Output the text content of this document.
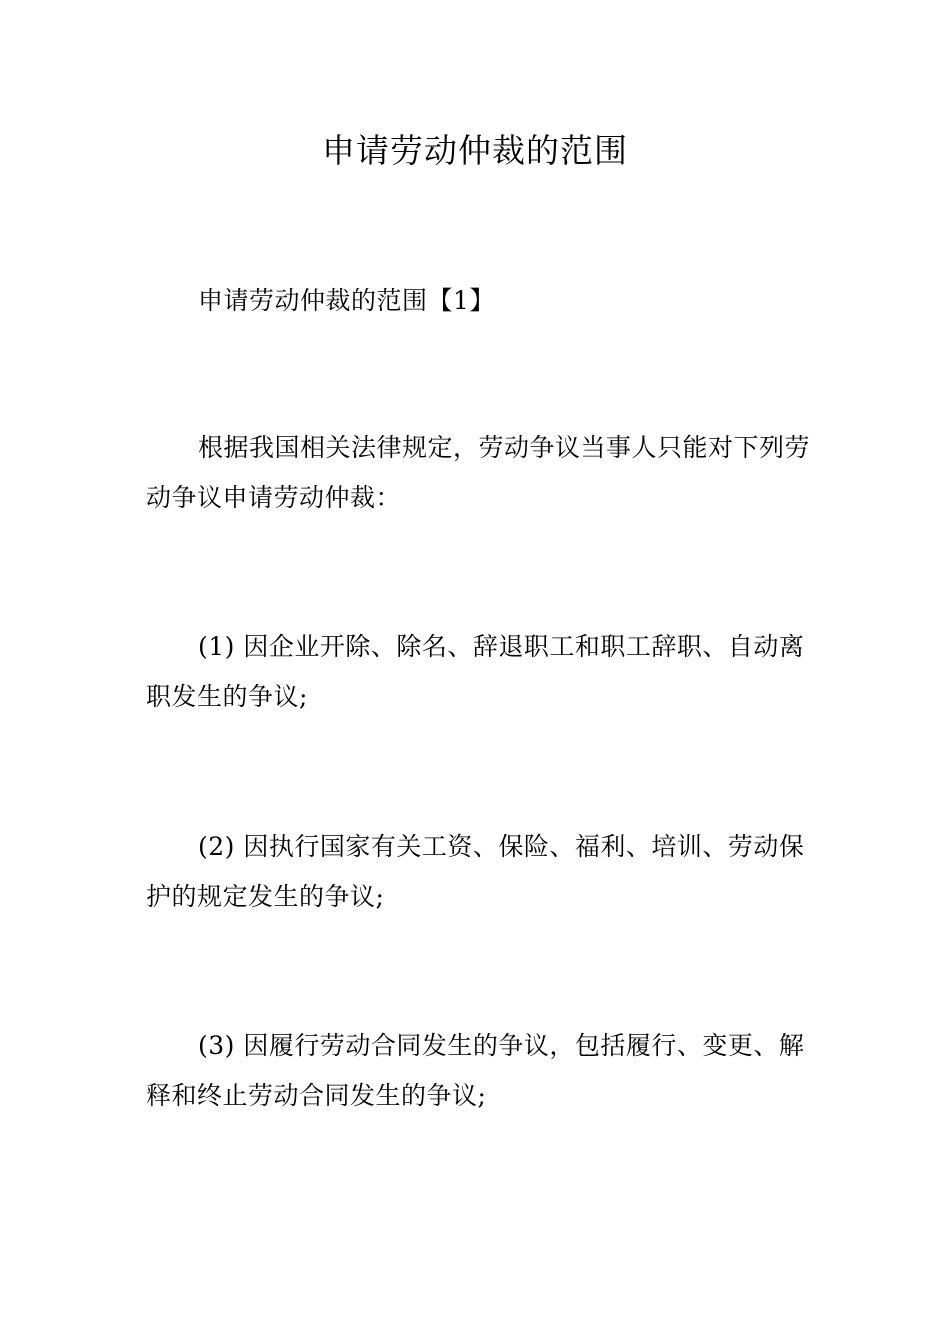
申请劳动仲裁的范围

申请劳动仲裁的范围【1】

根据我国相关法律规定，劳动争议当事人只能对下列劳动争议申请劳动仲裁：

(1) 因企业开除、除名、辞退职工和职工辞职、自动离职发生的争议;

(2) 因执行国家有关工资、保险、福利、培训、劳动保护的规定发生的争议;

(3) 因履行劳动合同发生的争议，包括履行、变更、解释和终止劳动合同发生的争议;
